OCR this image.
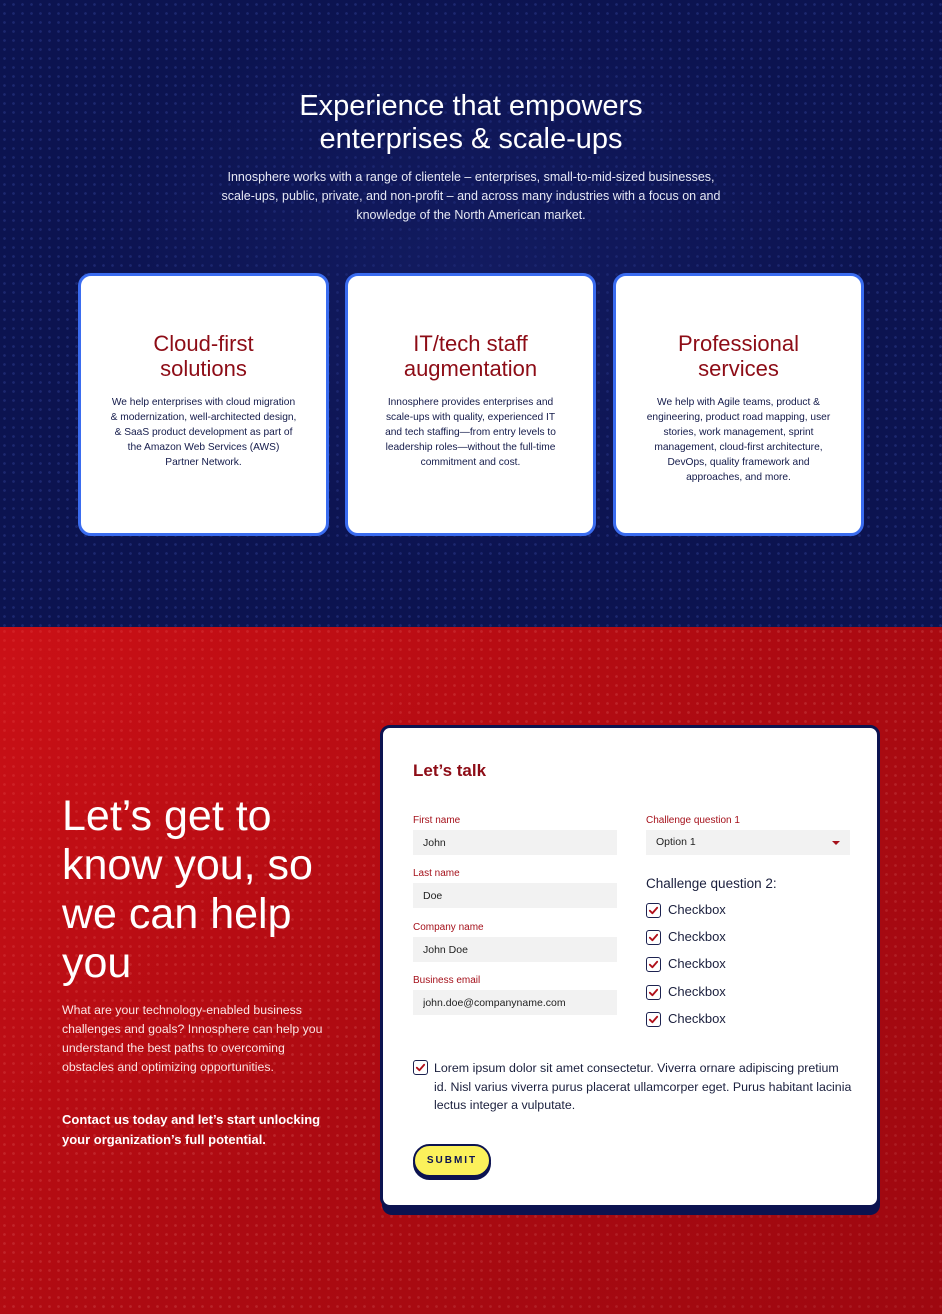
Experience that empowers
enterprises & scale-ups

Innosphere works with a range of clientele – enterprises, small-to-mid-sized businesses, scale-ups, public, private, and non-profit – and across many industries with a focus on and knowledge of the North American market.

Cloud-first
solutions

We help enterprises with cloud migration & modernization, well-architected design, & SaaS product development as part of the Amazon Web Services (AWS) Partner Network.

IT/tech staff
augmentation

Innosphere provides enterprises and scale-ups with quality, experienced IT and tech staffing—from entry levels to leadership roles—without the full-time commitment and cost.

Professional
services

We help with Agile teams, product & engineering, product road mapping, user stories, work management, sprint management, cloud-first architecture, DevOps, quality framework and approaches, and more.

Let’s get to
know you, so
we can help
you

What are your technology-enabled business challenges and goals? Innosphere can help you understand the best paths to overcoming obstacles and optimizing opportunities.

Contact us today and let’s start unlocking your organization’s full potential.

Let’s talk
First name
John
Last name
Doe
Company name
John Doe
Business email
john.doe@companyname.com
Challenge question 1
Option 1
Challenge question 2:
Checkbox
Checkbox
Checkbox
Checkbox
Checkbox
Lorem ipsum dolor sit amet consectetur. Viverra ornare adipiscing pretium id. Nisl varius viverra purus placerat ullamcorper eget. Purus habitant lacinia lectus integer a vulputate.
SUBMIT
